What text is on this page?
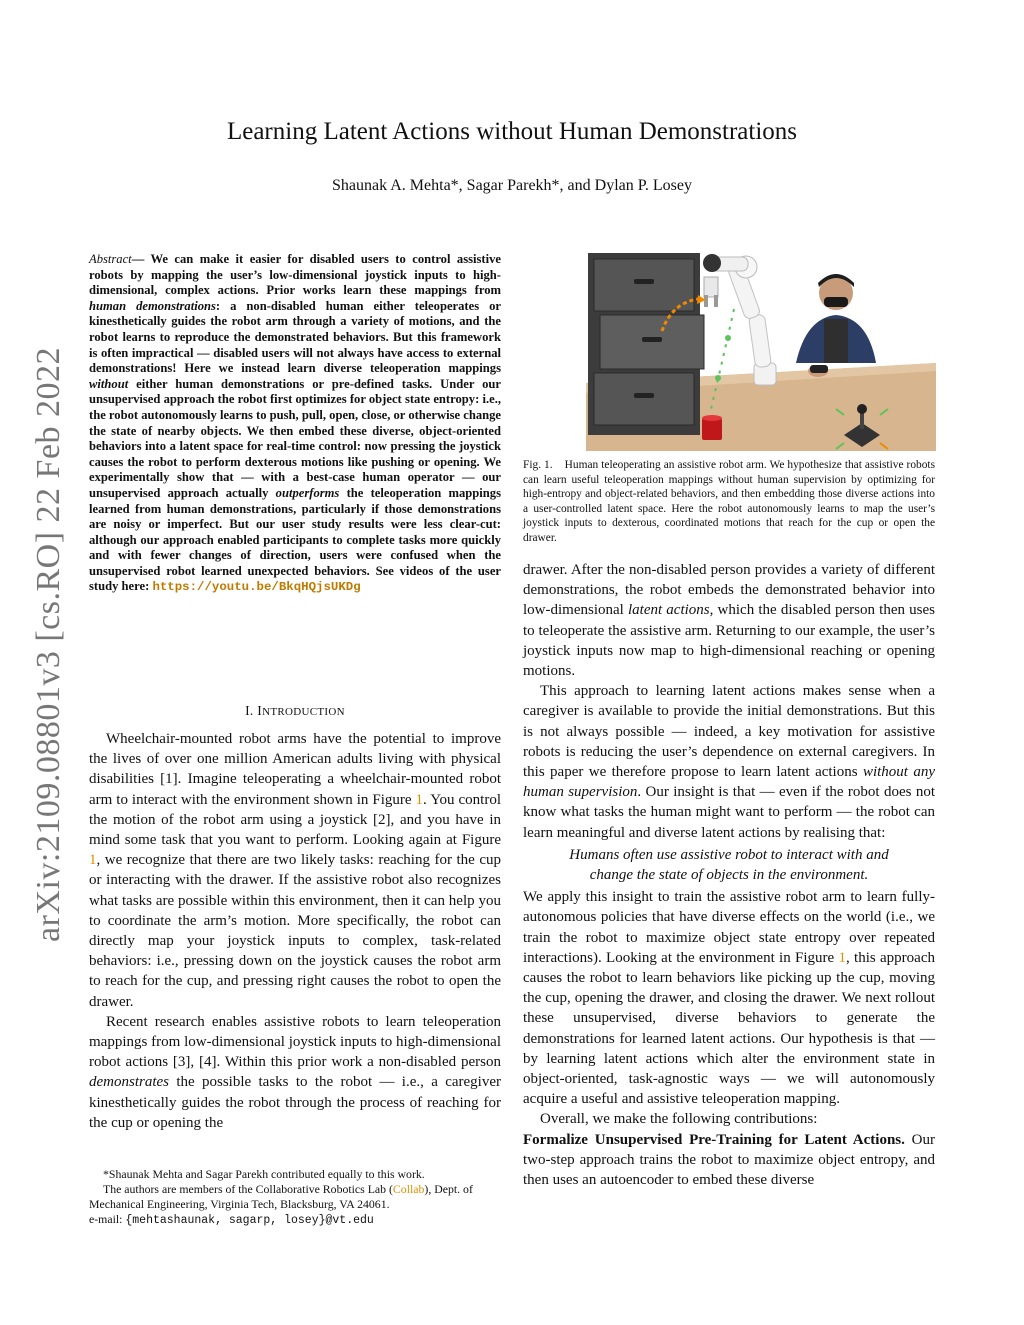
Learning Latent Actions without Human Demonstrations
Shaunak A. Mehta*, Sagar Parekh*, and Dylan P. Losey
arXiv:2109.08801v3 [cs.RO] 22 Feb 2022
Abstract— We can make it easier for disabled users to control assistive robots by mapping the user’s low-dimensional joystick inputs to high-dimensional, complex actions. Prior works learn these mappings from human demonstrations: a non-disabled human either teleoperates or kinesthetically guides the robot arm through a variety of motions, and the robot learns to reproduce the demonstrated behaviors. But this framework is often impractical — disabled users will not always have access to external demonstrations! Here we instead learn diverse teleoperation mappings without either human demonstrations or pre-defined tasks. Under our unsupervised approach the robot first optimizes for object state entropy: i.e., the robot autonomously learns to push, pull, open, close, or otherwise change the state of nearby objects. We then embed these diverse, object-oriented behaviors into a latent space for real-time control: now pressing the joystick causes the robot to perform dexterous motions like pushing or opening. We experimentally show that — with a best-case human operator — our unsupervised approach actually outperforms the teleoperation mappings learned from human demonstrations, particularly if those demonstrations are noisy or imperfect. But our user study results were less clear-cut: although our approach enabled participants to complete tasks more quickly and with fewer changes of direction, users were confused when the unsupervised robot learned unexpected behaviors. See videos of the user study here: https://youtu.be/BkqHQjsUKDg
I. INTRODUCTION

Wheelchair-mounted robot arms have the potential to improve the lives of over one million American adults living with physical disabilities [1]. Imagine teleoperating a wheelchair-mounted robot arm to interact with the environment shown in Figure 1. You control the motion of the robot arm using a joystick [2], and you have in mind some task that you want to perform. Looking again at Figure 1, we recognize that there are two likely tasks: reaching for the cup or interacting with the drawer. If the assistive robot also recognizes what tasks are possible within this environment, then it can help you to coordinate the arm’s motion. More specifically, the robot can directly map your joystick inputs to complex, task-related behaviors: i.e., pressing down on the joystick causes the robot arm to reach for the cup, and pressing right causes the robot to open the drawer.

Recent research enables assistive robots to learn teleoperation mappings from low-dimensional joystick inputs to high-dimensional robot actions [3], [4]. Within this prior work a non-disabled person demonstrates the possible tasks to the robot — i.e., a caregiver kinesthetically guides the robot through the process of reaching for the cup or opening the

*Shaunak Mehta and Sagar Parekh contributed equally to this work.

The authors are members of the Collaborative Robotics Lab (Collab), Dept. of Mechanical Engineering, Virginia Tech, Blacksburg, VA 24061.

e-mail: {mehtashaunak, sagarp, losey}@vt.edu
Fig. 1. Human teleoperating an assistive robot arm. We hypothesize that assistive robots can learn useful teleoperation mappings without human supervision by optimizing for high-entropy and object-related behaviors, and then embedding those diverse actions into a user-controlled latent space. Here the robot autonomously learns to map the user’s joystick inputs to dexterous, coordinated motions that reach for the cup or open the drawer.

drawer. After the non-disabled person provides a variety of different demonstrations, the robot embeds the demonstrated behavior into low-dimensional latent actions, which the disabled person then uses to teleoperate the assistive arm. Returning to our example, the user’s joystick inputs now map to high-dimensional reaching or opening motions.

This approach to learning latent actions makes sense when a caregiver is available to provide the initial demonstrations. But this is not always possible — indeed, a key motivation for assistive robots is reducing the user’s dependence on external caregivers. In this paper we therefore propose to learn latent actions without any human supervision. Our insight is that — even if the robot does not know what tasks the human might want to perform — the robot can learn meaningful and diverse latent actions by realising that:

Humans often use assistive robot to interact with and
change the state of objects in the environment.

We apply this insight to train the assistive robot arm to learn fully-autonomous policies that have diverse effects on the world (i.e., we train the robot to maximize object state entropy over repeated interactions). Looking at the environment in Figure 1, this approach causes the robot to learn behaviors like picking up the cup, moving the cup, opening the drawer, and closing the drawer. We next rollout these unsupervised, diverse behaviors to generate the demonstrations for learned latent actions. Our hypothesis is that — by learning latent actions which alter the environment state in object-oriented, task-agnostic ways — we will autonomously acquire a useful and assistive teleoperation mapping.

Overall, we make the following contributions:

Formalize Unsupervised Pre-Training for Latent Actions. Our two-step approach trains the robot to maximize object entropy, and then uses an autoencoder to embed these diverse
